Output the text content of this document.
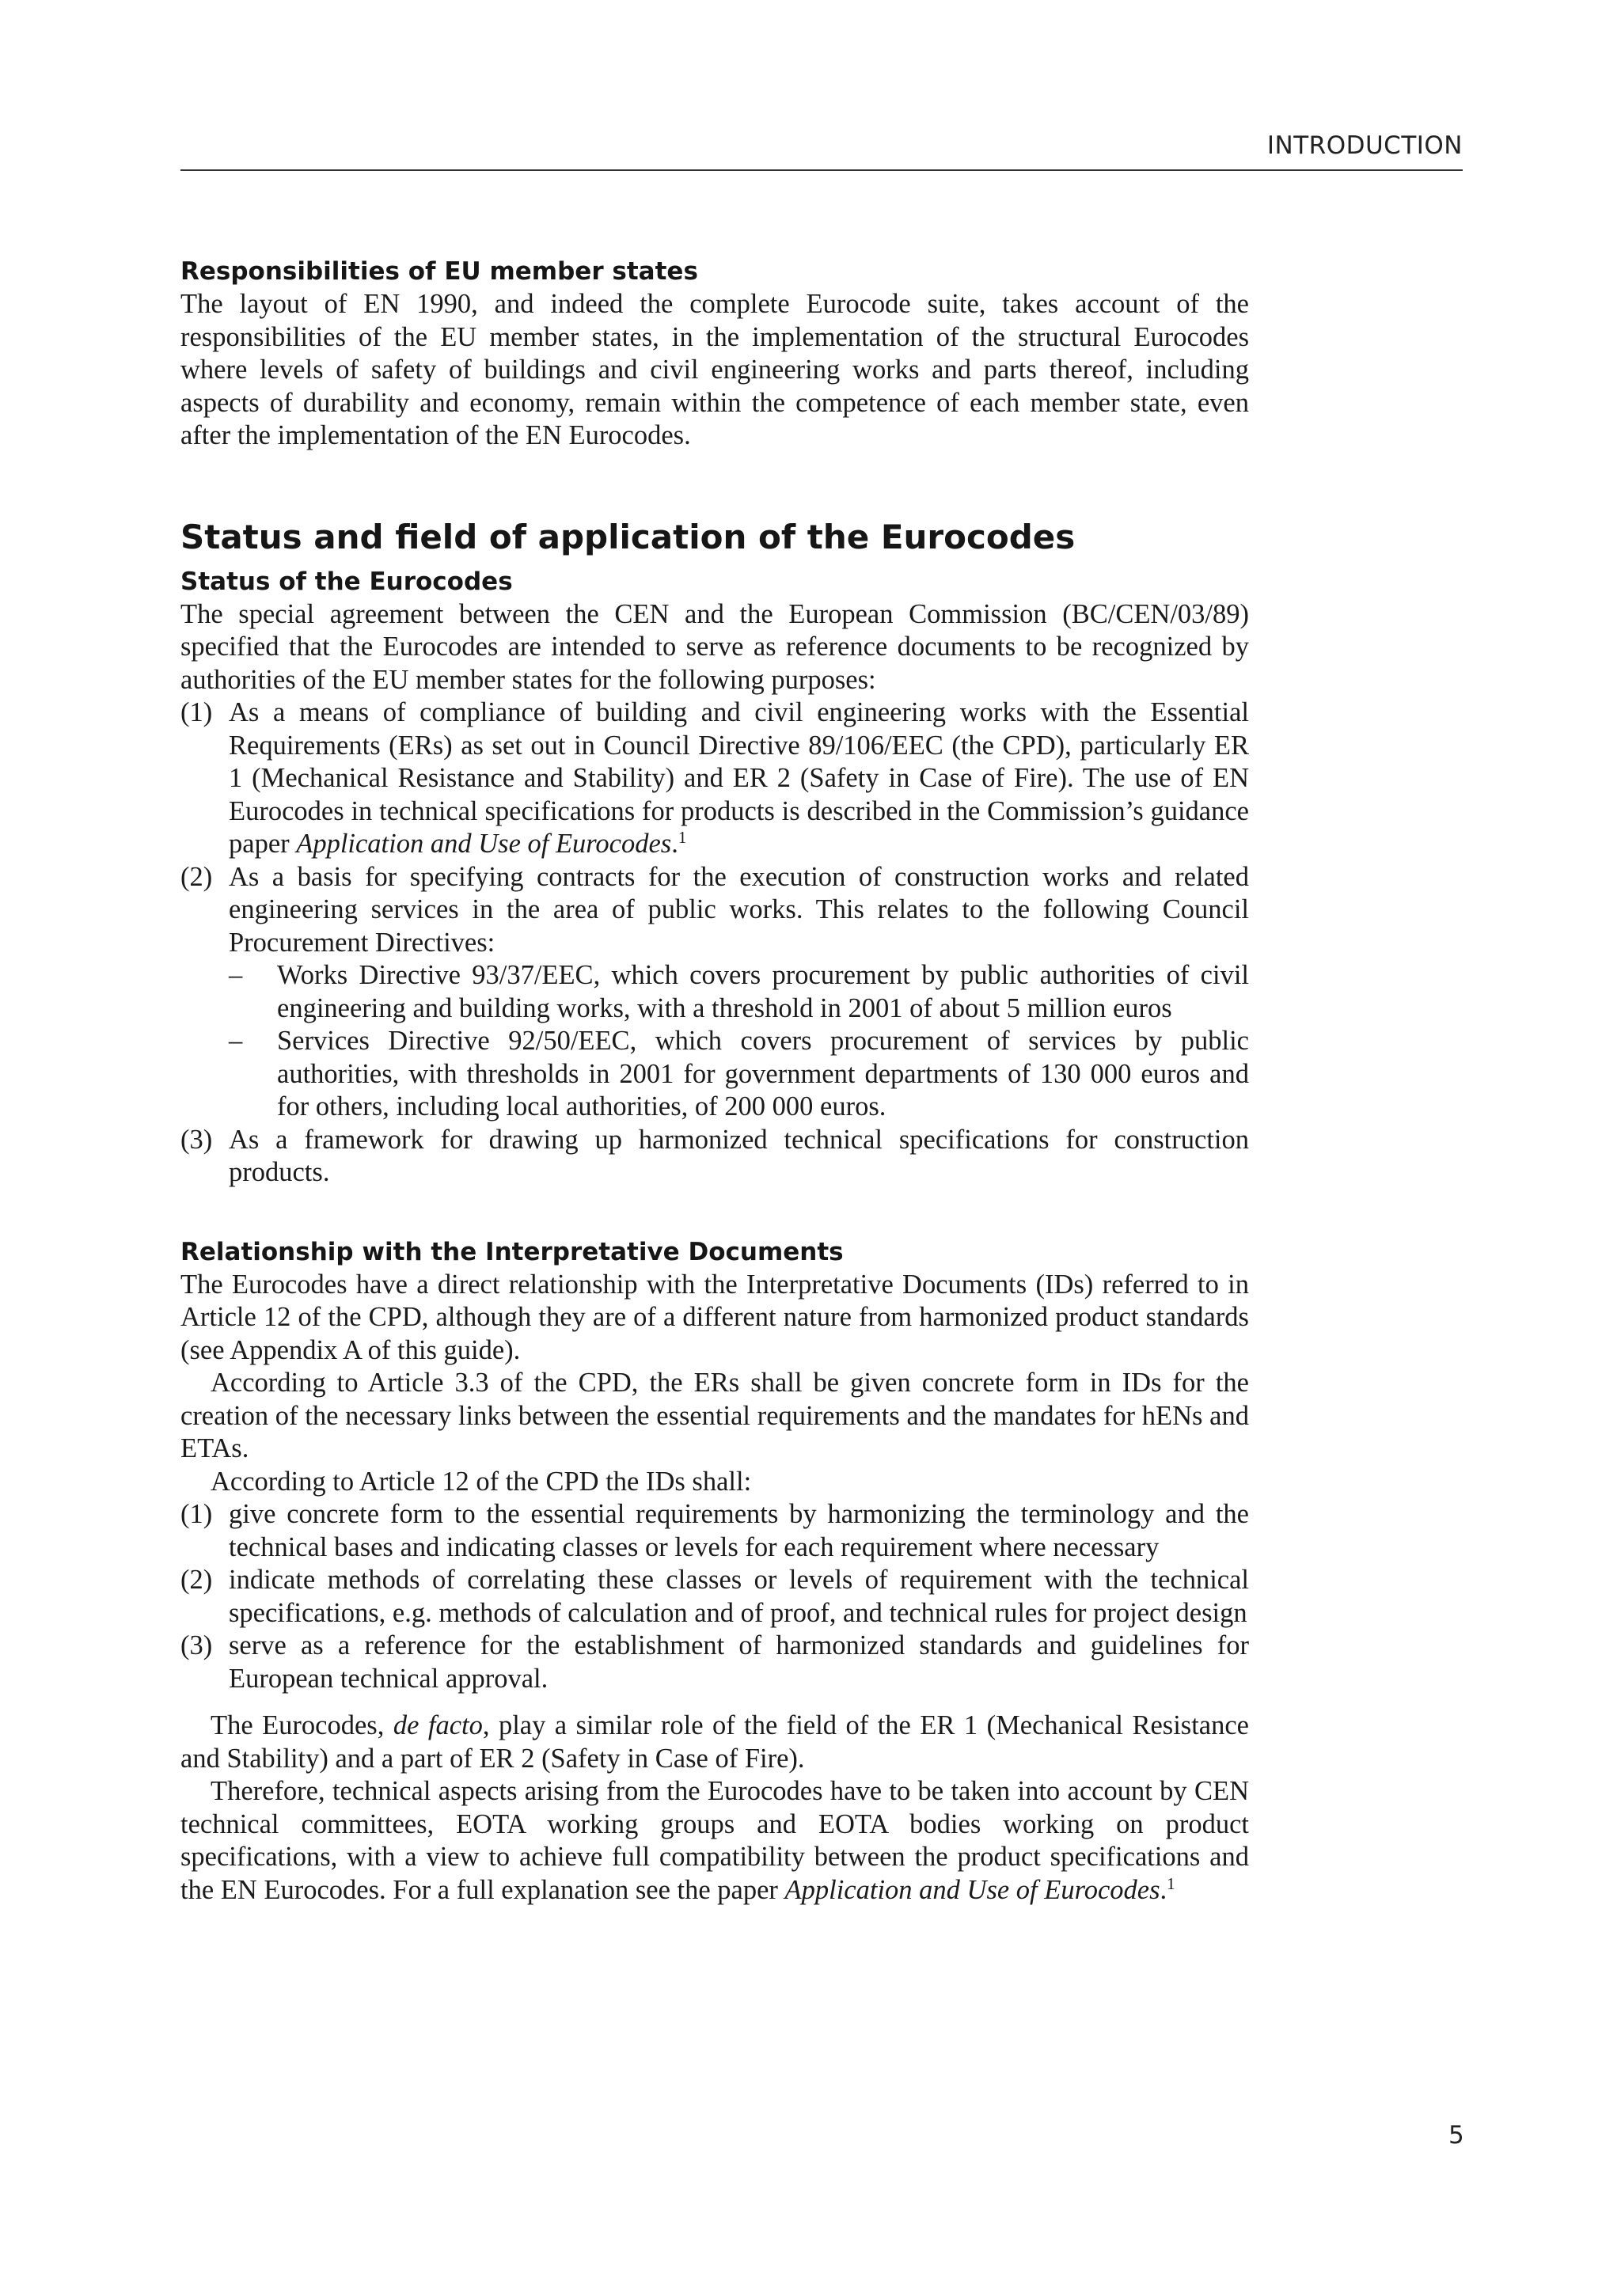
INTRODUCTION
Responsibilities of EU member states

The layout of EN 1990, and indeed the complete Eurocode suite, takes account of the responsibilities of the EU member states, in the implementation of the structural Eurocodes where levels of safety of buildings and civil engineering works and parts thereof, including aspects of durability and economy, remain within the competence of each member state, even after the implementation of the EN Eurocodes.

Status and field of application of the Eurocodes
Status of the Eurocodes

The special agreement between the CEN and the European Commission (BC/CEN/03/89) specified that the Eurocodes are intended to serve as reference documents to be recognized by authorities of the EU member states for the following purposes:

(1) As a means of compliance of building and civil engineering works with the Essential Requirements (ERs) as set out in Council Directive 89/106/EEC (the CPD), particularly ER 1 (Mechanical Resistance and Stability) and ER 2 (Safety in Case of Fire). The use of EN Eurocodes in technical specifications for products is described in the Commission’s guidance paper Application and Use of Eurocodes.$^1$
(2) As a basis for specifying contracts for the execution of construction works and related engineering services in the area of public works. This relates to the following Council Procurement Directives:
– Works Directive 93/37/EEC, which covers procurement by public authorities of civil engineering and building works, with a threshold in 2001 of about 5 million euros
– Services Directive 92/50/EEC, which covers procurement of services by public authorities, with thresholds in 2001 for government departments of 130 000 euros and for others, including local authorities, of 200 000 euros.
(3) As a framework for drawing up harmonized technical specifications for construction products.
Relationship with the Interpretative Documents

The Eurocodes have a direct relationship with the Interpretative Documents (IDs) referred to in Article 12 of the CPD, although they are of a different nature from harmonized product standards (see Appendix A of this guide).

According to Article 3.3 of the CPD, the ERs shall be given concrete form in IDs for the creation of the necessary links between the essential requirements and the mandates for hENs and ETAs.

According to Article 12 of the CPD the IDs shall:

(1) give concrete form to the essential requirements by harmonizing the terminology and the technical bases and indicating classes or levels for each requirement where necessary
(2) indicate methods of correlating these classes or levels of requirement with the technical specifications, e.g. methods of calculation and of proof, and technical rules for project design
(3) serve as a reference for the establishment of harmonized standards and guidelines for European technical approval.

The Eurocodes, de facto, play a similar role of the field of the ER 1 (Mechanical Resistance and Stability) and a part of ER 2 (Safety in Case of Fire).

Therefore, technical aspects arising from the Eurocodes have to be taken into account by CEN technical committees, EOTA working groups and EOTA bodies working on product specifications, with a view to achieve full compatibility between the product specifications and the EN Eurocodes. For a full explanation see the paper Application and Use of Eurocodes.$^1$

5
